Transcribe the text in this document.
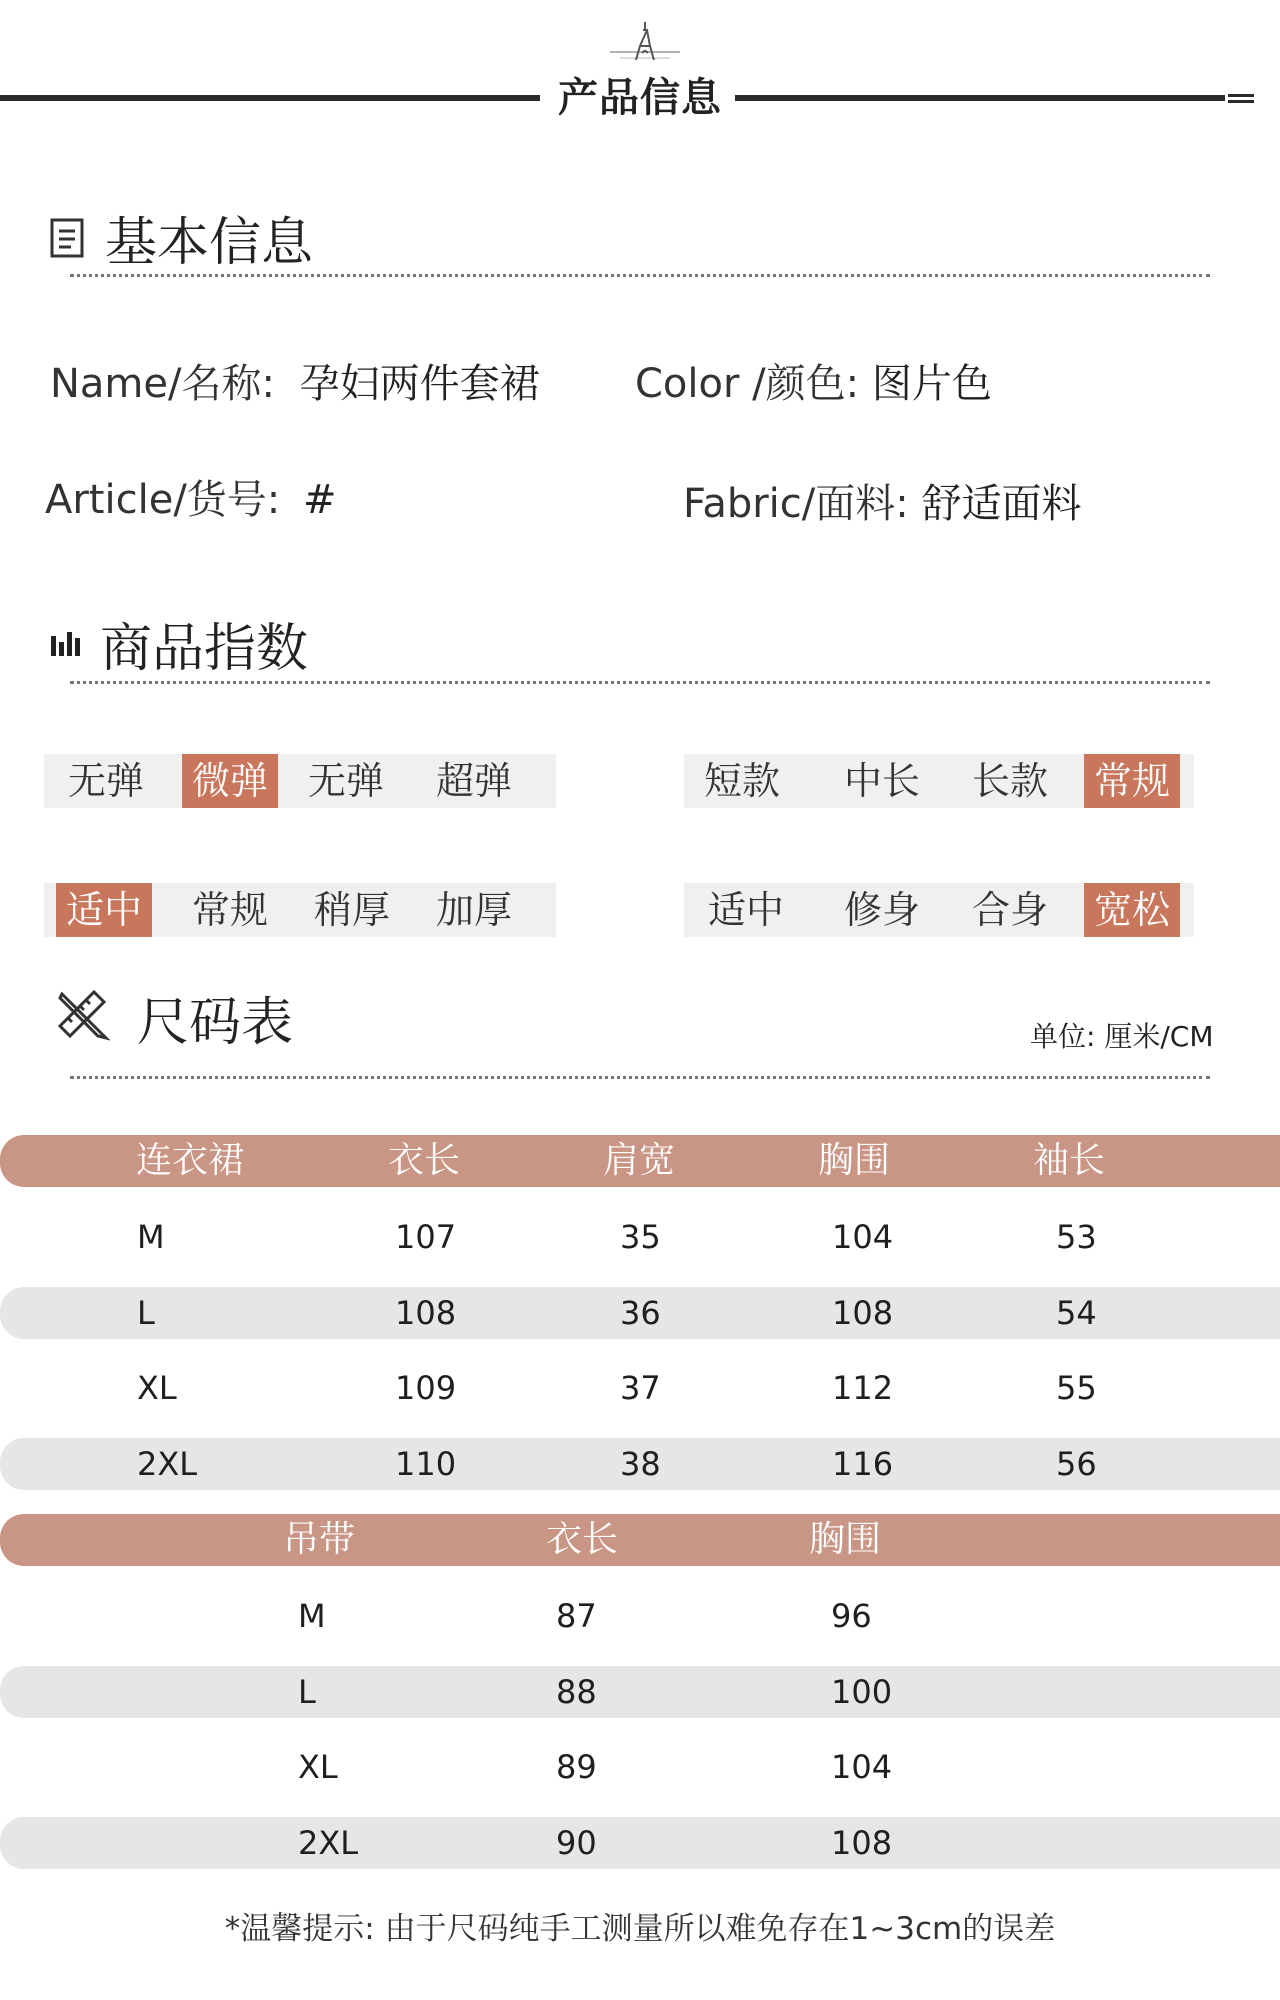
产品信息
基本信息
Name/名称: 孕妇两件套裙 Color /颜色: 图片色
Article/货号: #	Fabric/面料: 舒适面料
商品指数
无弹 微弹 无弹 超弹	短款 中长 长款 常规
适中 常规 稍厚 加厚	适中 修身 合身 宽松
尺码表	单位: 厘米/CM
连衣裙	衣长	肩宽	胸围	袖长
M	107	35	104	53
L	108	36	108	54
XL	109	37	112	55
2XL	110	38	116	56
吊带	衣长	胸围
M	87	96
L	88	100
XL	89	104
2XL	90	108
*温馨提示: 由于尺码纯手工测量所以难免存在1~3cm的误差
